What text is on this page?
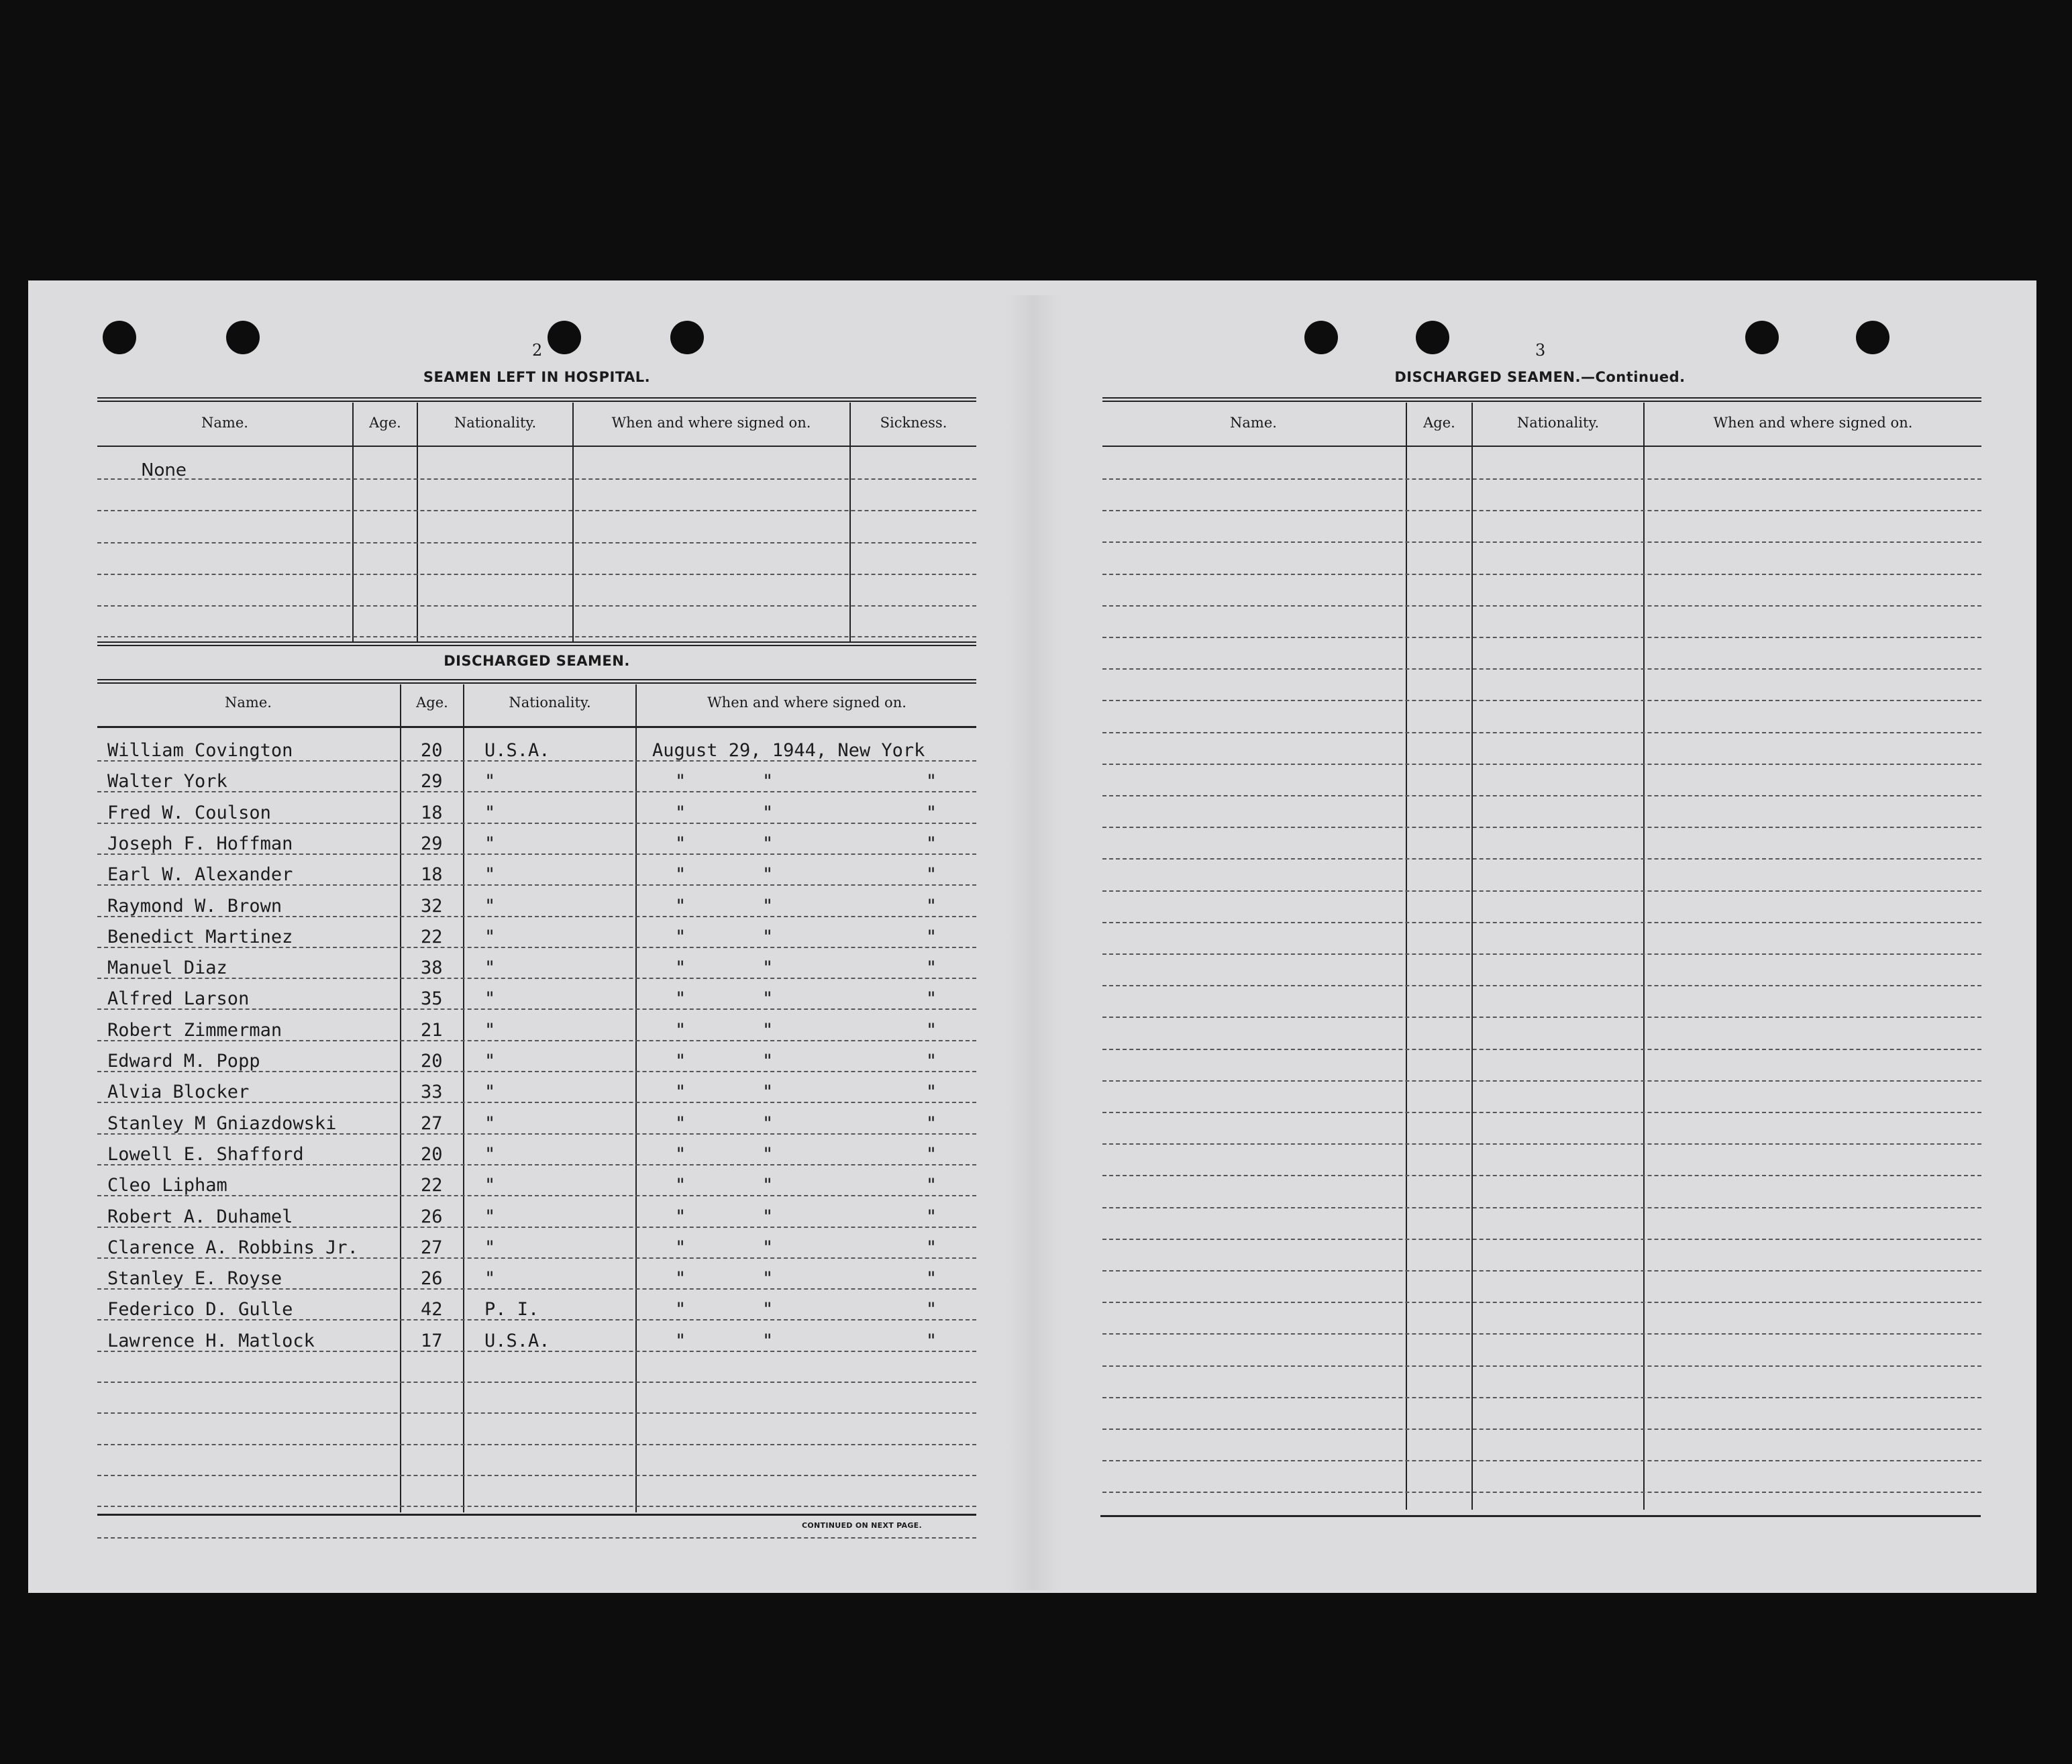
2
SEAMEN LEFT IN HOSPITAL.
Name.	Age.	Nationality.	When and where signed on.	Sickness.
None
DISCHARGED SEAMEN.
Name.	Age.	Nationality.	When and where signed on.
William Covington	20 U.S.A.	August 29, 1944, New York
Walter York	29 "	"       "              "
Fred W. Coulson	18 "	"       "              "
Joseph F. Hoffman	29 "	"       "              "
Earl W. Alexander	18 "	"       "              "
Raymond W. Brown	32 "	"       "              "
Benedict Martinez	22 "	"       "              "
Manuel Diaz	38 "	"       "              "
Alfred Larson	35 "	"       "              "
Robert Zimmerman	21 "	"       "              "
Edward M. Popp	20 "	"       "              "
Alvia Blocker	33 "	"       "              "
Stanley M Gniazdowski	27 "	"       "              "
Lowell E. Shafford	20 "	"       "              "
Cleo Lipham	22 "	"       "              "
Robert A. Duhamel	26 "	"       "              "
Clarence A. Robbins Jr.	27 "	"       "              "
Stanley E. Royse	26 "	"       "              "
Federico D. Gulle	42 P. I.	"       "              "
Lawrence H. Matlock	17 U.S.A.	"       "              "
CONTINUED ON NEXT PAGE.
3
DISCHARGED SEAMEN.—Continued.
Name.	Age.	Nationality.	When and where signed on.
